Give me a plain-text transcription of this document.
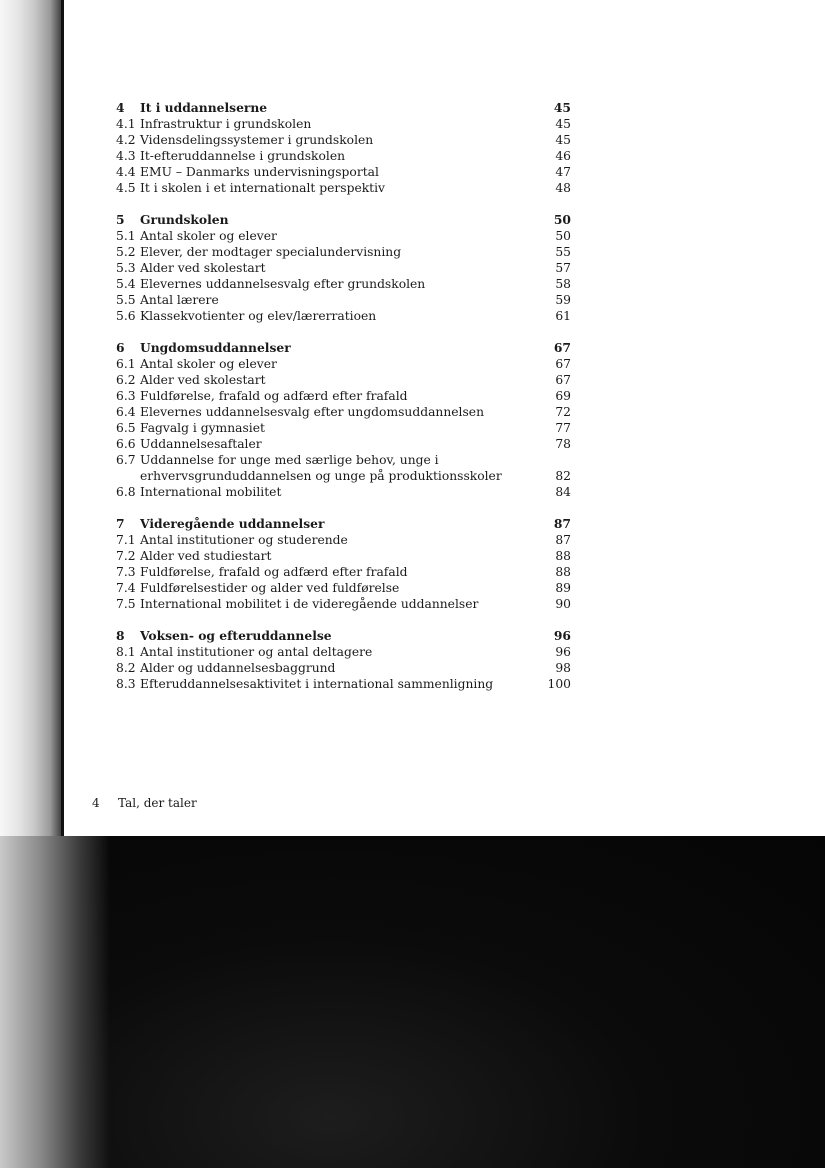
4	It i uddannelserne	45
4.1 Infrastruktur i grundskolen	45
4.2 Vidensdelingssystemer i grundskolen	45
4.3 It-efteruddannelse i grundskolen	46
4.4 EMU – Danmarks undervisningsportal	47
4.5 It i skolen i et internationalt perspektiv	48
5	Grundskolen	50
5.1 Antal skoler og elever	50
5.2 Elever, der modtager specialundervisning	55
5.3 Alder ved skolestart	57
5.4 Elevernes uddannelsesvalg efter grundskolen	58
5.5 Antal lærere	59
5.6 Klassekvotienter og elev/lærerratioen	61
6	Ungdomsuddannelser	67
6.1 Antal skoler og elever	67
6.2 Alder ved skolestart	67
6.3 Fuldførelse, frafald og adfærd efter frafald	69
6.4 Elevernes uddannelsesvalg efter ungdomsuddannelsen	72
6.5 Fagvalg i gymnasiet	77
6.6 Uddannelsesaftaler	78
6.7 Uddannelse for unge med særlige behov, unge i
erhvervsgrunduddannelsen og unge på produktionsskoler	82
6.8 International mobilitet	84
7	Videregående uddannelser	87
7.1 Antal institutioner og studerende	87
7.2 Alder ved studiestart	88
7.3 Fuldførelse, frafald og adfærd efter frafald	88
7.4 Fuldførelsestider og alder ved fuldførelse	89
7.5 International mobilitet i de videregående uddannelser	90
8	Voksen- og efteruddannelse	96
8.1 Antal institutioner og antal deltagere	96
8.2 Alder og uddannelsesbaggrund	98
8.3 Efteruddannelsesaktivitet i international sammenligning	100
4 Tal, der taler
